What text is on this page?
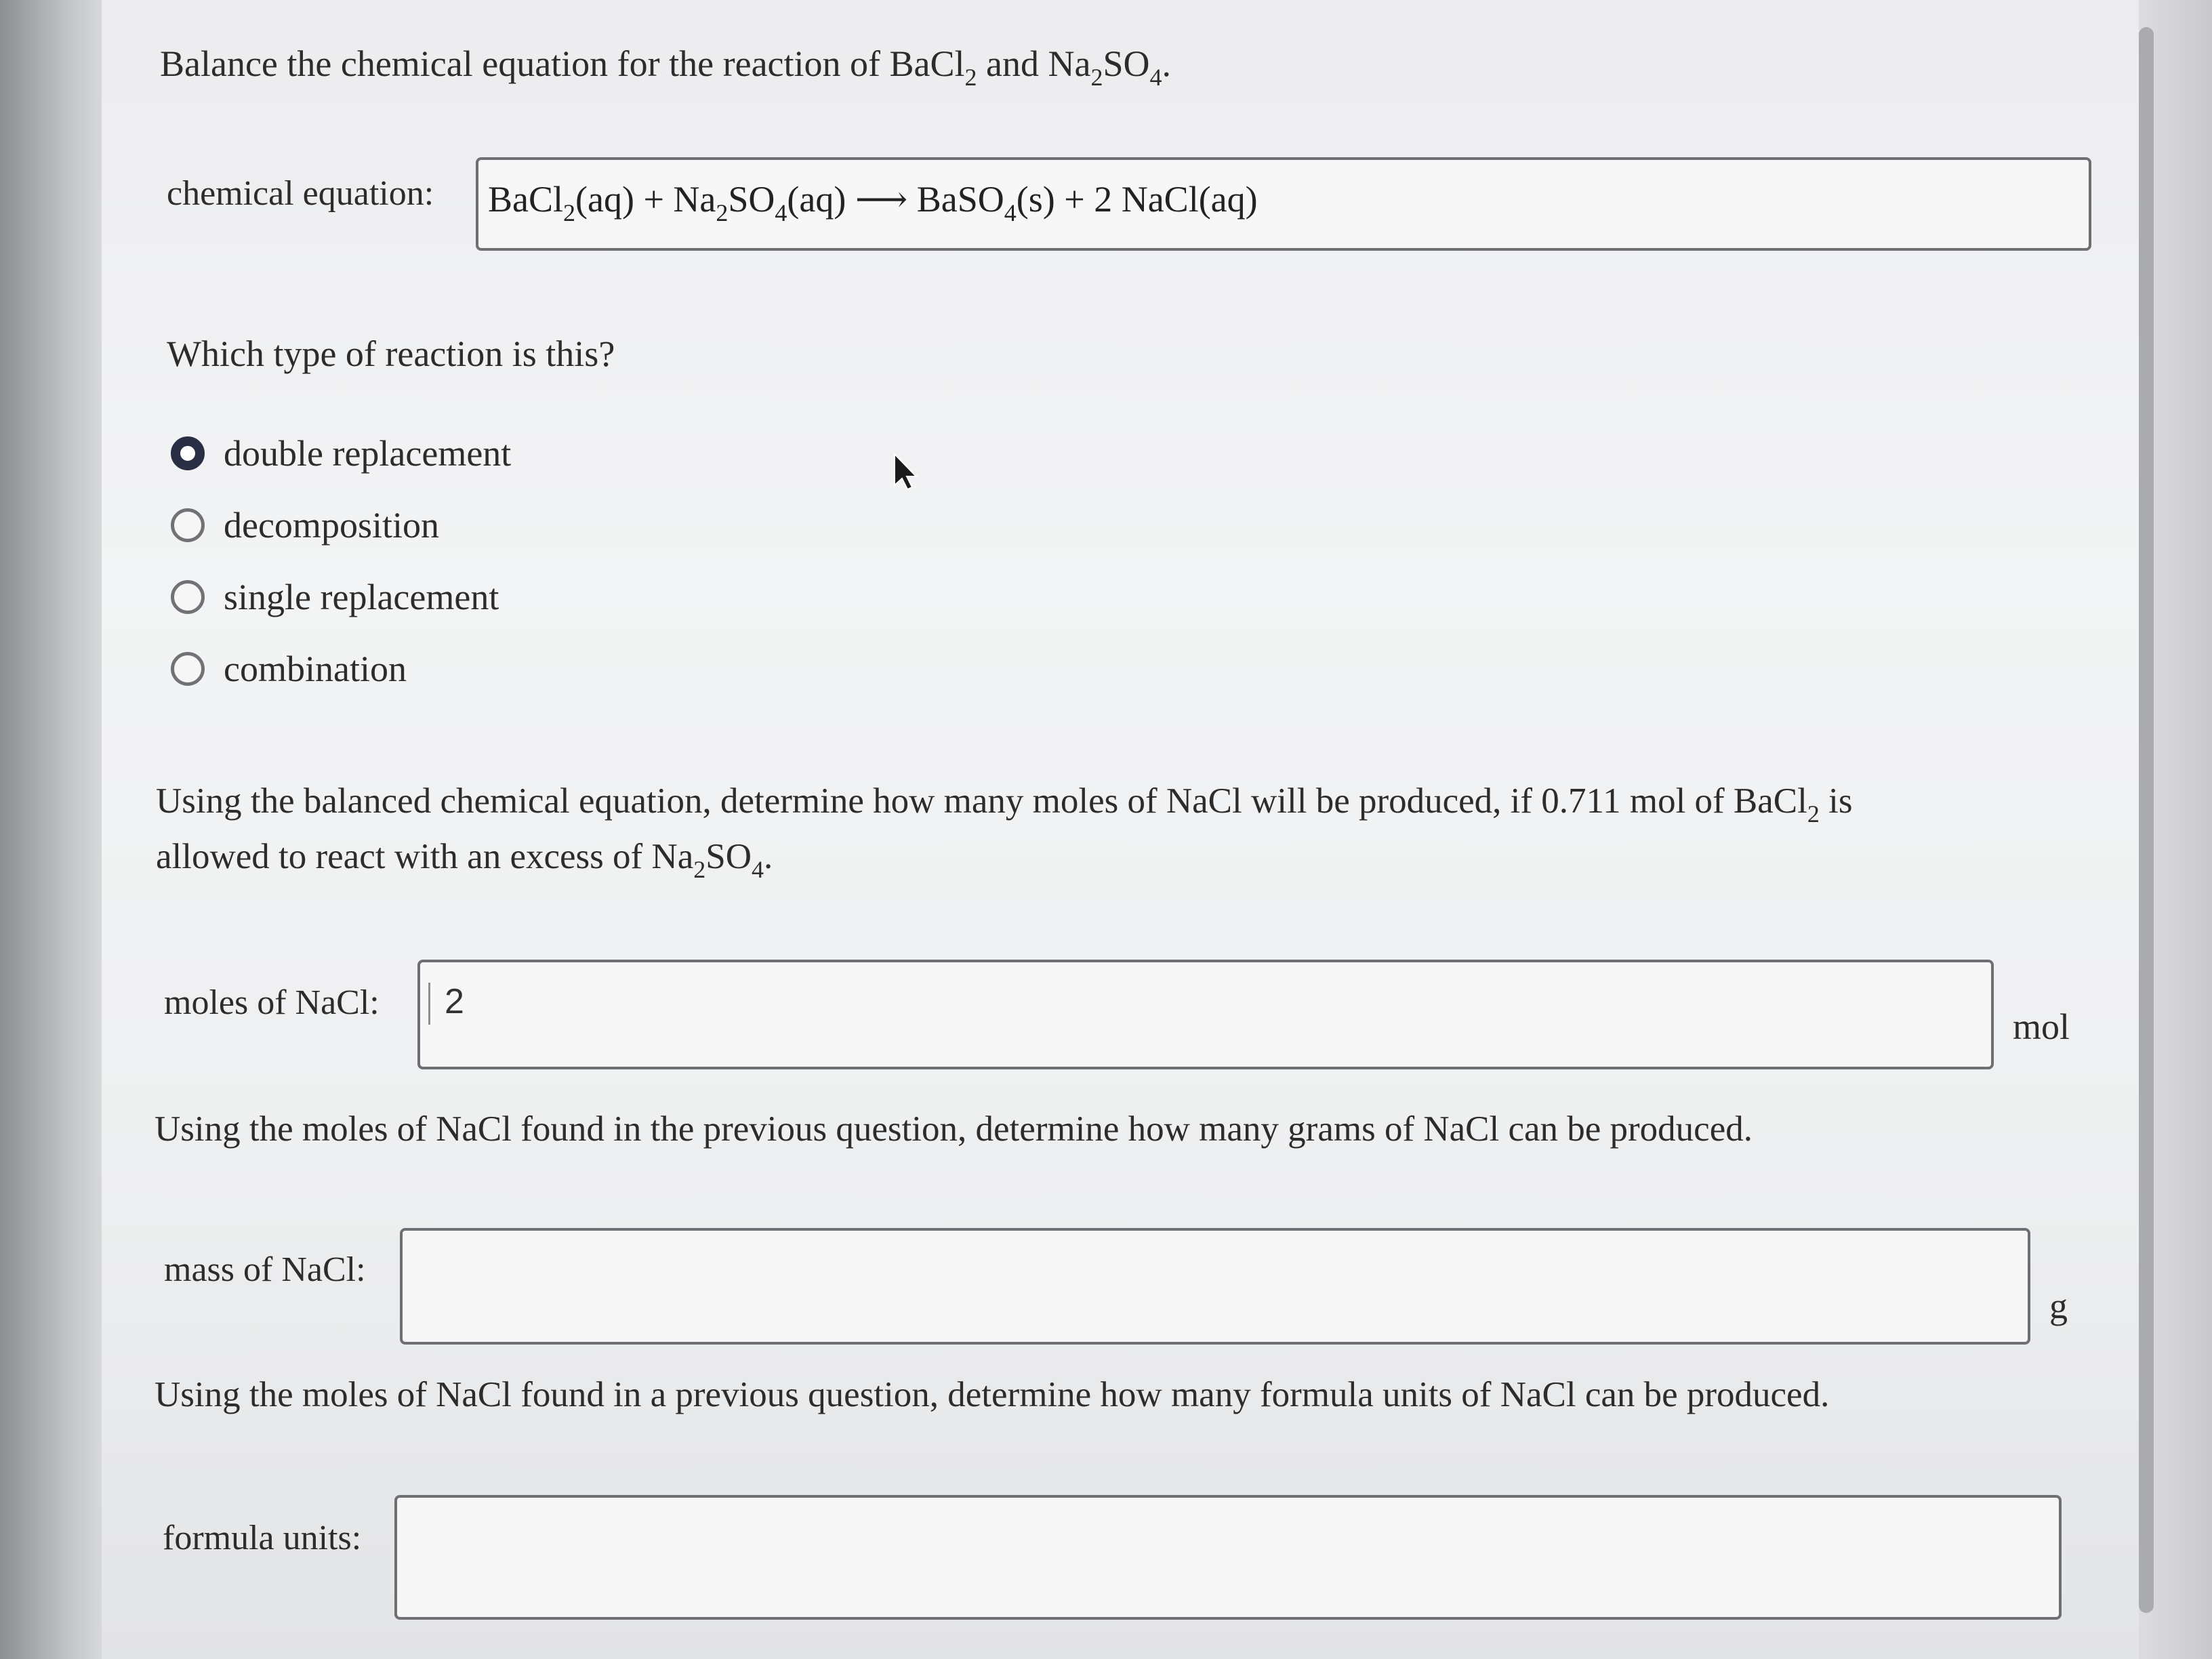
Balance the chemical equation for the reaction of BaCl$_2$ and $Na_2SO_4$.
chemical equation: BaCl$_2$(aq) + $Na_2SO_4(aq)$ ⟶ BaSO$_4$(s) + 2 NaCl(aq)
Which type of reaction is this?
double replacement
decomposition
single replacement
combination
Using the balanced chemical equation, determine how many moles of NaCl will be produced, if 0.711 mol of BaCl$_2$ is
allowed to react with an excess of $Na_2SO_4$.
moles of NaCl: 2
mol
Using the moles of NaCl found in the previous question, determine how many grams of NaCl can be produced.
mass of NaCl:
g
Using the moles of NaCl found in a previous question, determine how many formula units of NaCl can be produced.
formula units:
